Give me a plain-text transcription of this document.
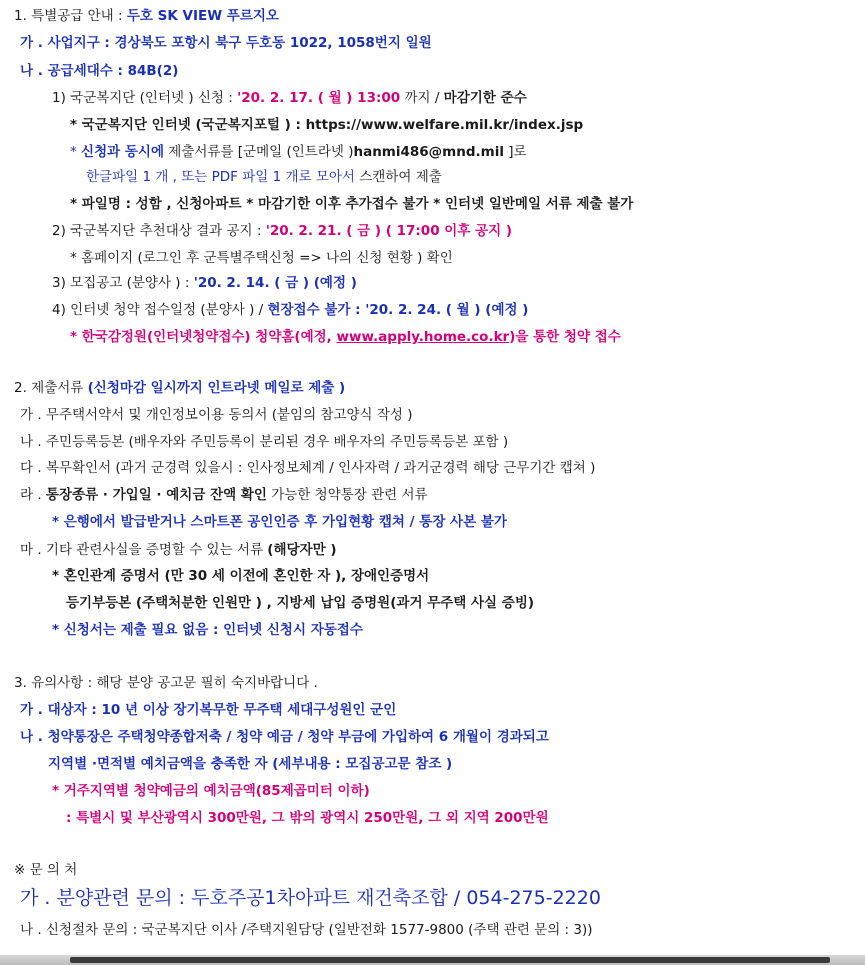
1. 특별공급 안내 : 두호 SK VIEW 푸르지오
가 . 사업지구 : 경상북도 포항시 북구 두호동 1022, 1058번지 일원
나 . 공급세대수 : 84B(2)
1) 국군복지단 (인터넷 ) 신청 : '20. 2. 17. ( 월 ) 13:00 까지 / 마감기한 준수
* 국군복지단 인터넷 (국군복지포털 ) : https://www.welfare.mil.kr/index.jsp
* 신청과 동시에 제출서류를 [군메일 (인트라넷 )hanmi486@mnd.mil ]로
한글파일 1 개 , 또는 PDF 파일 1 개로 모아서 스캔하여 제출
* 파일명 : 성함 , 신청아파트 * 마감기한 이후 추가접수 불가 * 인터넷 일반메일 서류 제출 불가
2) 국군복지단 추천대상 결과 공지 : '20. 2. 21. ( 금 ) ( 17:00 이후 공지 )
* 홈페이지 (로그인 후 군특별주택신청 => 나의 신청 현황 ) 확인
3) 모집공고 (분양사 ) : '20. 2. 14. ( 금 ) (예정 )
4) 인터넷 청약 접수일정 (분양사 ) / 현장접수 불가 : '20. 2. 24. ( 월 ) (예정 )
* 한국감정원(인터넷청약접수) 청약홈(예정, www.apply.home.co.kr)을 통한 청약 접수
2. 제출서류 (신청마감 일시까지 인트라넷 메일로 제출 )
가 . 무주택서약서 및 개인정보이용 동의서 (붙임의 참고양식 작성 )
나 . 주민등록등본 (배우자와 주민등록이 분리된 경우 배우자의 주민등록등본 포함 )
다 . 복무확인서 (과거 군경력 있을시 : 인사정보체계 / 인사자력 / 과거군경력 해당 근무기간 캡쳐 )
라 . 통장종류 · 가입일 · 예치금 잔액 확인 가능한 청약통장 관련 서류
* 은행에서 발급받거나 스마트폰 공인인증 후 가입현황 캡쳐 / 통장 사본 불가
마 . 기타 관련사실을 증명할 수 있는 서류 (해당자만 )
* 혼인관계 증명서 (만 30 세 이전에 혼인한 자 ), 장애인증명서
등기부등본 (주택처분한 인원만 ) , 지방세 납입 증명원(과거 무주택 사실 증빙)
* 신청서는 제출 필요 없음 : 인터넷 신청시 자동접수
3. 유의사항 : 해당 분양 공고문 필히 숙지바랍니다 .
가 . 대상자 : 10 년 이상 장기복무한 무주택 세대구성원인 군인
나 . 청약통장은 주택청약종합저축 / 청약 예금 / 청약 부금에 가입하여 6 개월이 경과되고
지역별 ·면적별 예치금액을 충족한 자 (세부내용 : 모집공고문 참조 )
* 거주지역별 청약예금의 예치금액(85제곱미터 이하)
: 특별시 및 부산광역시 300만원, 그 밖의 광역시 250만원, 그 외 지역 200만원
※ 문 의 처
가 . 분양관련 문의 : 두호주공1차아파트 재건축조합 / 054-275-2220
나 . 신청절차 문의 : 국군복지단 이사 /주택지원담당 (일반전화 1577-9800 (주택 관련 문의 : 3))
